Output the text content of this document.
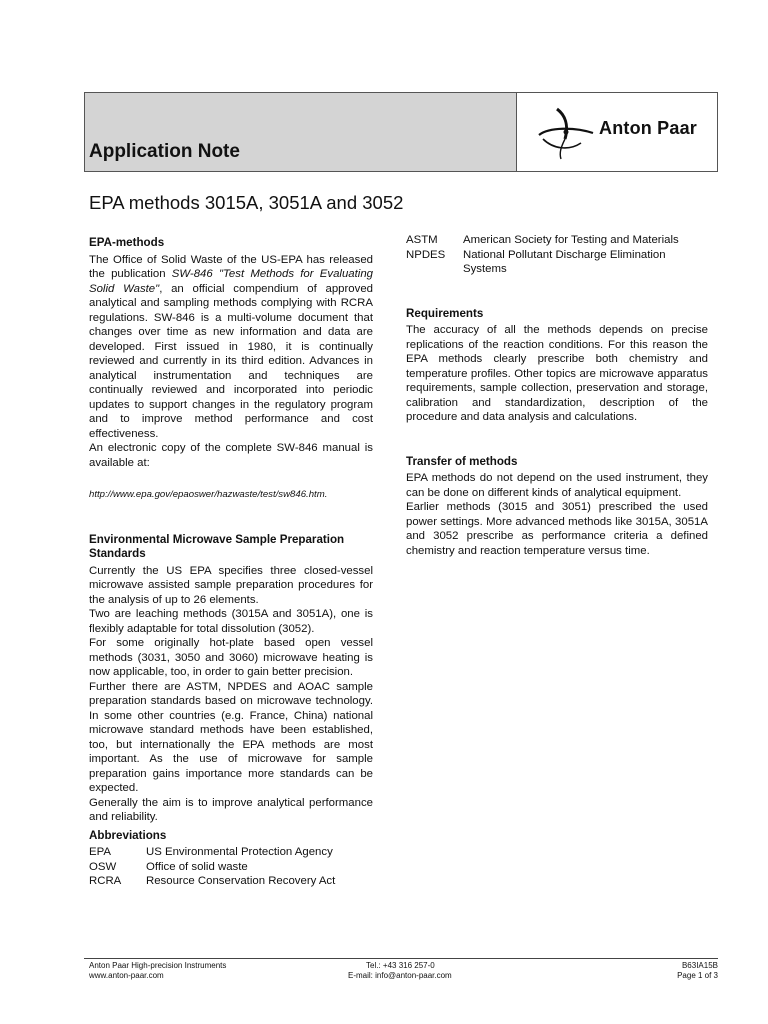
Application Note
Anton Paar
EPA methods 3015A, 3051A and 3052
EPA-methods

The Office of Solid Waste of the US-EPA has released the publication SW-846 "Test Methods for Evaluating Solid Waste", an official compendium of approved analytical and sampling methods complying with RCRA regulations. SW-846 is a multi-volume document that changes over time as new information and data are developed. First issued in 1980, it is continually reviewed and currently in its third edition. Advances in analytical instrumentation and techniques are continually reviewed and incorporated into periodic updates to support changes in the regulatory program and to improve method performance and cost effectiveness.

An electronic copy of the complete SW-846 manual is available at:

http://www.epa.gov/epaoswer/hazwaste/test/sw846.htm.
Environmental Microwave Sample Preparation Standards

Currently the US EPA specifies three closed-vessel microwave assisted sample preparation procedures for the analysis of up to 26 elements.

Two are leaching methods (3015A and 3051A), one is flexibly adaptable for total dissolution (3052).

For some originally hot-plate based open vessel methods (3031, 3050 and 3060) microwave heating is now applicable, too, in order to gain better precision.

Further there are ASTM, NPDES and AOAC sample preparation standards based on microwave technology. In some other countries (e.g. France, China) national microwave standard methods have been established, too, but internationally the EPA methods are most important. As the use of microwave for sample preparation gains importance more standards can be expected.

Generally the aim is to improve analytical performance and reliability.

Abbreviations
EPA	US Environmental Protection Agency
OSW	Office of solid waste
RCRA	Resource Conservation Recovery Act
ASTM	American Society for Testing and Materials
NPDES	National Pollutant Discharge Elimination Systems
Requirements

The accuracy of all the methods depends on precise replications of the reaction conditions. For this reason the EPA methods clearly prescribe both chemistry and temperature profiles. Other topics are microwave apparatus requirements, sample collection, preservation and storage, calibration and standardization, description of the procedure and data analysis and calculations.

Transfer of methods

EPA methods do not depend on the used instrument, they can be done on different kinds of analytical equipment.

Earlier methods (3015 and 3051) prescribed the used power settings. More advanced methods like 3015A, 3051A and 3052 prescribe as performance criteria a defined chemistry and reaction temperature versus time.

Anton Paar High-precision Instruments
www.anton-paar.com
Tel.: +43 316 257-0
E-mail: info@anton-paar.com
B63IA15B
Page 1 of 3
